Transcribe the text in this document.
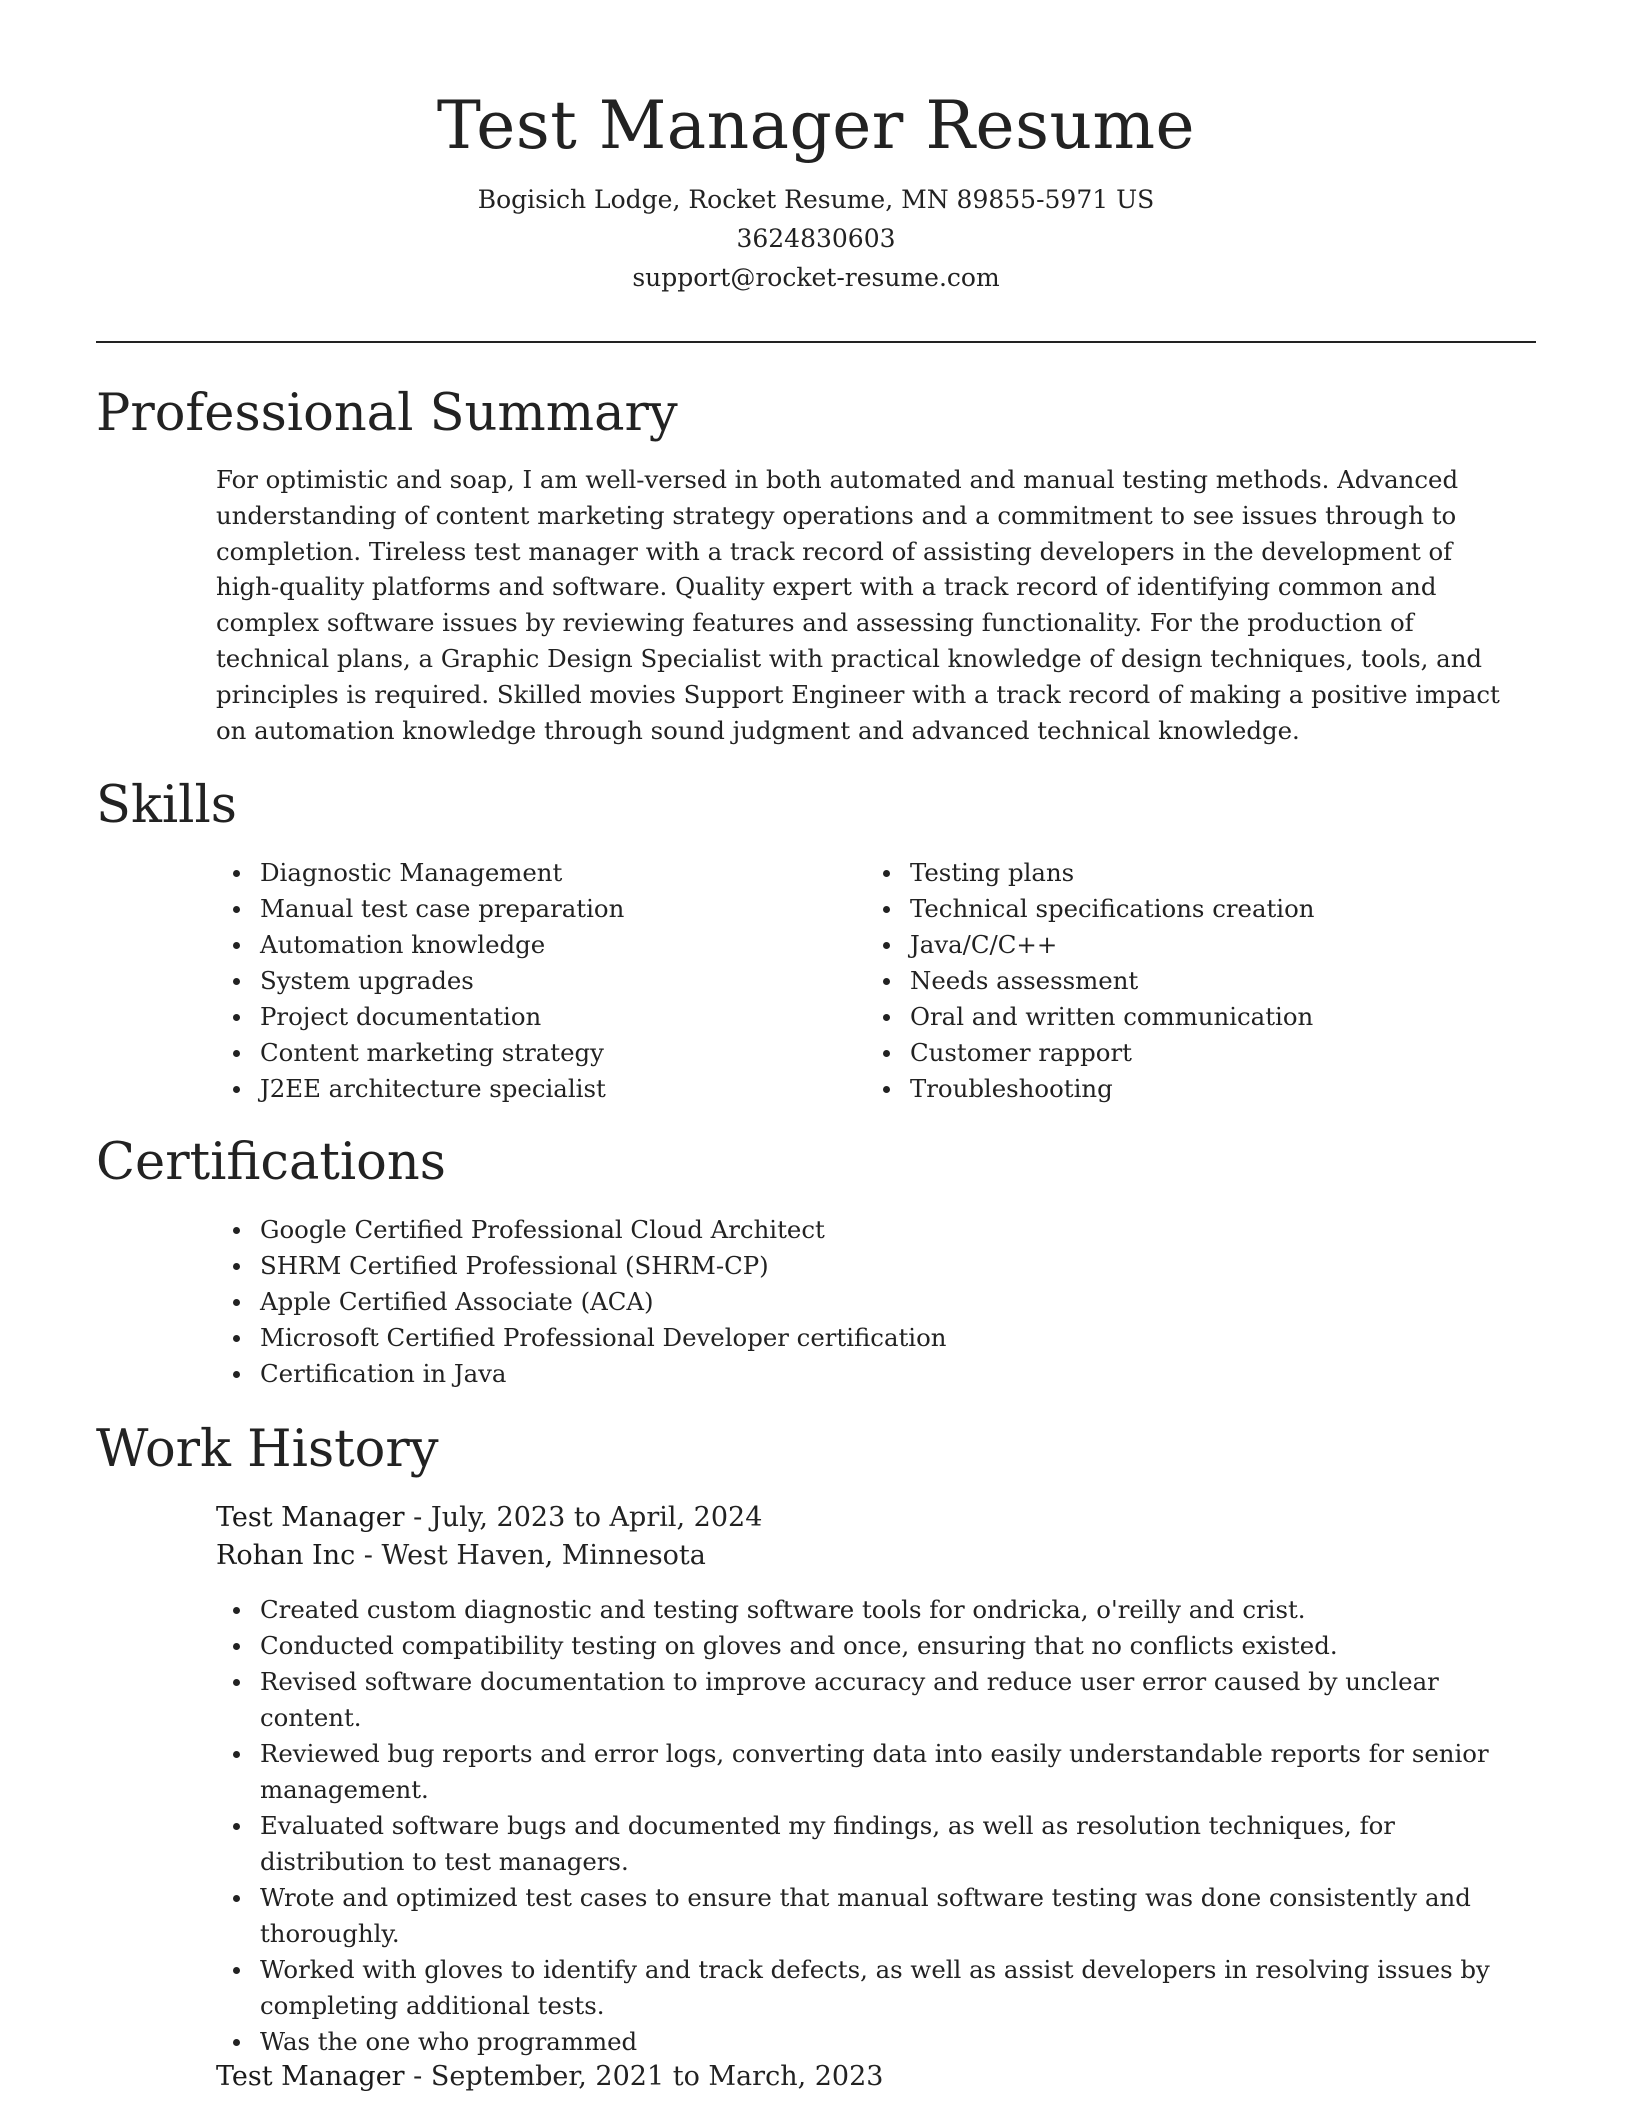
Test Manager Resume

Bogisich Lodge, Rocket Resume, MN 89855-5971 US

3624830603

support@rocket-resume.com

Professional Summary

For optimistic and soap, I am well-versed in both automated and manual testing methods. Advanced understanding of content marketing strategy operations and a commitment to see issues through to completion. Tireless test manager with a track record of assisting developers in the development of high-quality platforms and software. Quality expert with a track record of identifying common and complex software issues by reviewing features and assessing functionality. For the production of technical plans, a Graphic Design Specialist with practical knowledge of design techniques, tools, and principles is required. Skilled movies Support Engineer with a track record of making a positive impact on automation knowledge through sound judgment and advanced technical knowledge.

Skills
Diagnostic Management
Manual test case preparation
Automation knowledge
System upgrades
Project documentation
Content marketing strategy
J2EE architecture specialist
Testing plans
Technical specifications creation
Java/C/C++
Needs assessment
Oral and written communication
Customer rapport
Troubleshooting
Certifications
Google Certified Professional Cloud Architect
SHRM Certified Professional (SHRM-CP)
Apple Certified Associate (ACA)
Microsoft Certified Professional Developer certification
Certification in Java
Work History

Test Manager - July, 2023 to April, 2024

Rohan Inc - West Haven, Minnesota

Created custom diagnostic and testing software tools for ondricka, o'reilly and crist.
Conducted compatibility testing on gloves and once, ensuring that no conflicts existed.
Revised software documentation to improve accuracy and reduce user error caused by unclear content.
Reviewed bug reports and error logs, converting data into easily understandable reports for senior management.
Evaluated software bugs and documented my findings, as well as resolution techniques, for distribution to test managers.
Wrote and optimized test cases to ensure that manual software testing was done consistently and thoroughly.
Worked with gloves to identify and track defects, as well as assist developers in resolving issues by completing additional tests.
Was the one who programmed

Test Manager - September, 2021 to March, 2023
